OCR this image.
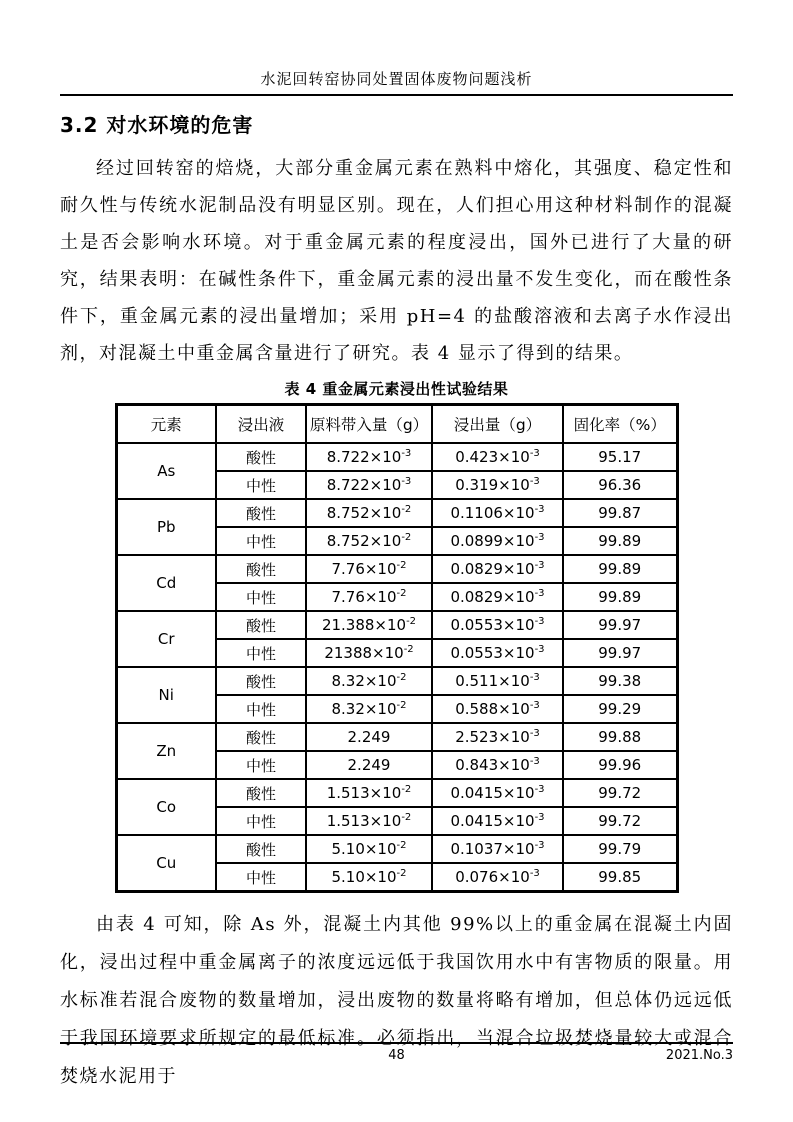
水泥回转窑协同处置固体废物问题浅析
3.2 对水环境的危害

经过回转窑的焙烧，大部分重金属元素在熟料中熔化，其强度、稳定性和耐久性与传统水泥制品没有明显区别。现在，人们担心用这种材料制作的混凝土是否会影响水环境。对于重金属元素的程度浸出，国外已进行了大量的研究，结果表明：在碱性条件下，重金属元素的浸出量不发生变化，而在酸性条件下，重金属元素的浸出量增加；采用 pH=4 的盐酸溶液和去离子水作浸出剂，对混凝土中重金属含量进行了研究。表 4 显示了得到的结果。

表 4 重金属元素浸出性试验结果
元素	浸出液	原料带入量（g）	浸出量（g）	固化率（%）
As	酸性	$8.722\times 10^{-3}$	$0.423\times 10^{-3}$	95.17
	中性	$8.722\times 10^{-3}$	$0.319\times 10^{-3}$	96.36
Pb	酸性	$8.752\times 10^{-2}$	$0.1106\times 10^{-3}$	99.87
	中性	$8.752\times 10^{-2}$	$0.0899\times 10^{-3}$	99.89
Cd	酸性	$7.76\times 10^{-2}$	$0.0829\times 10^{-3}$	99.89
	中性	$7.76\times 10^{-2}$	$0.0829\times 10^{-3}$	99.89
Cr	酸性	$21.388\times 10^{-2}$	$0.0553\times 10^{-3}$	99.97
	中性	$21388\times 10^{-2}$	$0.0553\times 10^{-3}$	99.97
Ni	酸性	$8.32\times 10^{-2}$	$0.511\times 10^{-3}$	99.38
	中性	$8.32\times 10^{-2}$	$0.588\times 10^{-3}$	99.29
Zn	酸性	2.249	$2.523\times 10^{-3}$	99.88
	中性	2.249	$0.843\times 10^{-3}$	99.96
Co	酸性	$1.513\times 10^{-2}$	$0.0415\times 10^{-3}$	99.72
	中性	$1.513\times 10^{-2}$	$0.0415\times 10^{-3}$	99.72
Cu	酸性	$5.10\times 10^{-2}$	$0.1037\times 10^{-3}$	99.79
	中性	$5.10\times 10^{-2}$	$0.076\times 10^{-3}$	99.85

由表 4 可知，除 As 外，混凝土内其他 99%以上的重金属在混凝土内固化，浸出过程中重金属离子的浓度远远低于我国饮用水中有害物质的限量。用水标准若混合废物的数量增加，浸出废物的数量将略有增加，但总体仍远远低于我国环境要求所规定的最低标准。必须指出，当混合垃圾焚烧量较大或混合焚烧水泥用于

48	2021.No.3
